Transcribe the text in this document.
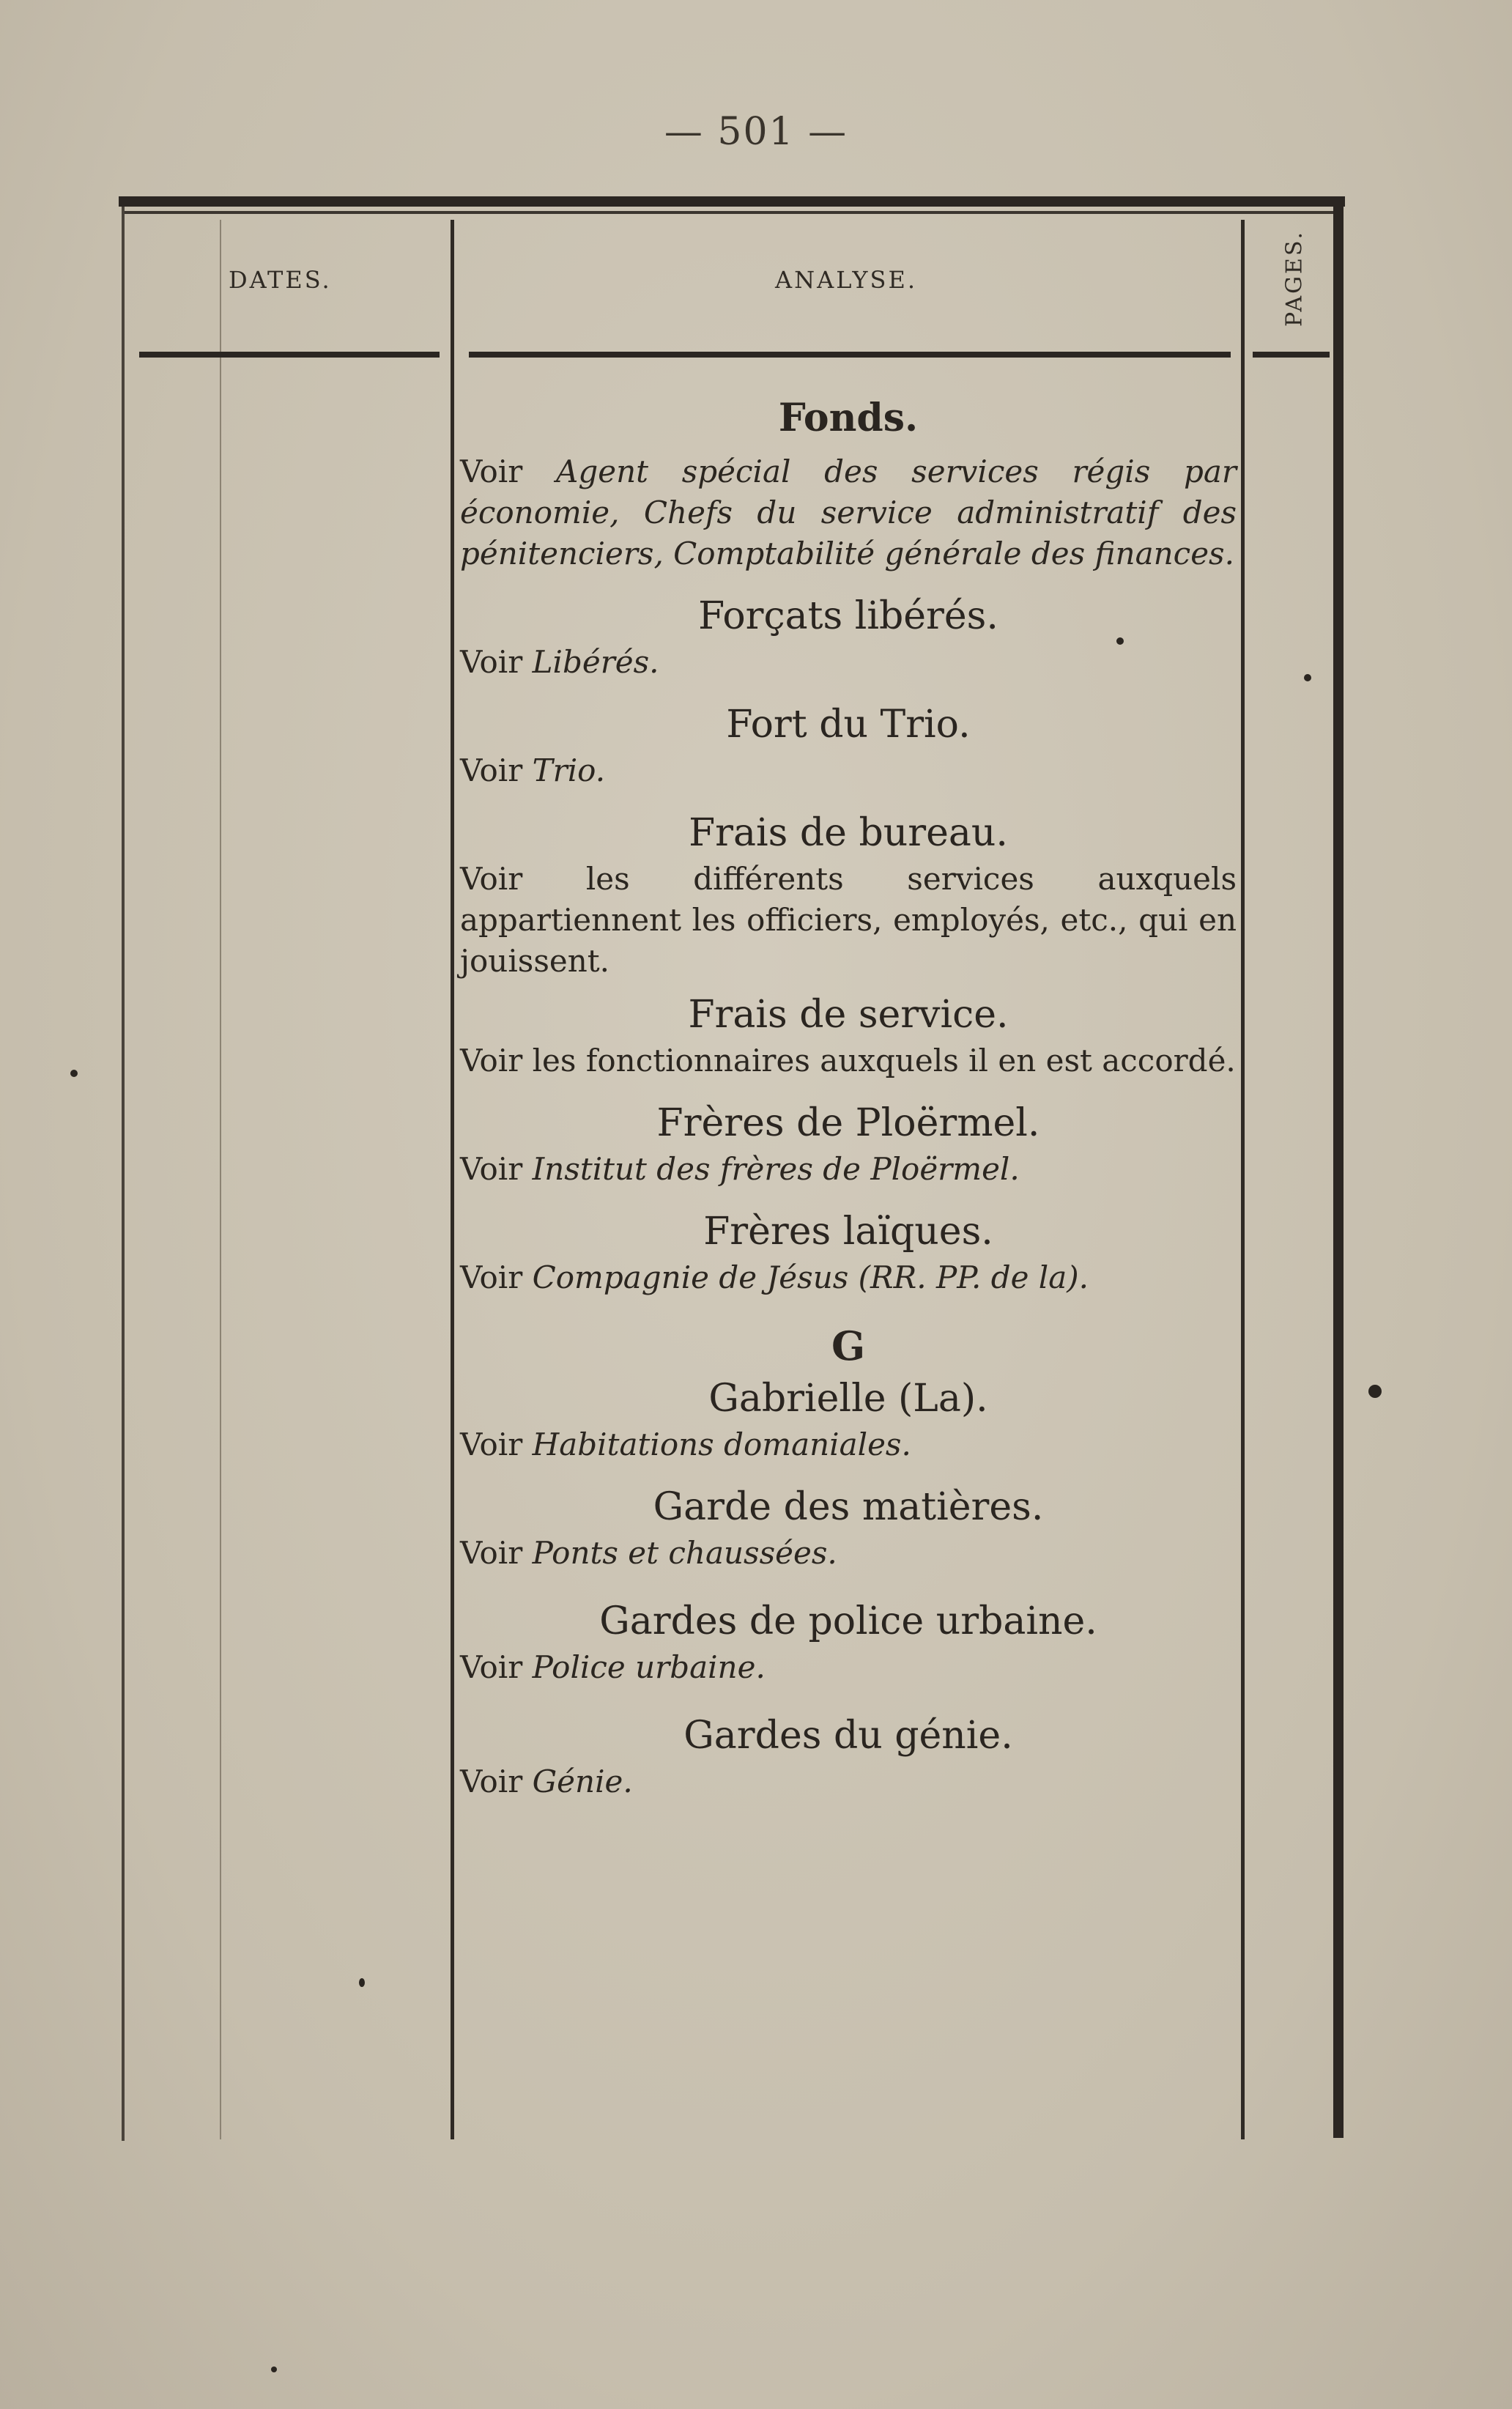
— 501 —
DATES.	ANALYSE.	PAGES.

Fonds.

Voir Agent spécial des services régis par économie, Chefs du service administratif des pénitenciers, Comptabilité générale des finances.

Forçats libérés.

Voir Libérés.

Fort du Trio.

Voir Trio.

Frais de bureau.

Voir les différents services auxquels appartiennent les officiers, employés, etc., qui en jouissent.

Frais de service.

Voir les fonctionnaires auxquels il en est accordé.

Frères de Ploërmel.

Voir Institut des frères de Ploërmel.

Frères laïques.

Voir Compagnie de Jésus (RR. PP. de la).

G

Gabrielle (La).

Voir Habitations domaniales.

Garde des matières.

Voir Ponts et chaussées.

Gardes de police urbaine.

Voir Police urbaine.

Gardes du génie.

Voir Génie.
